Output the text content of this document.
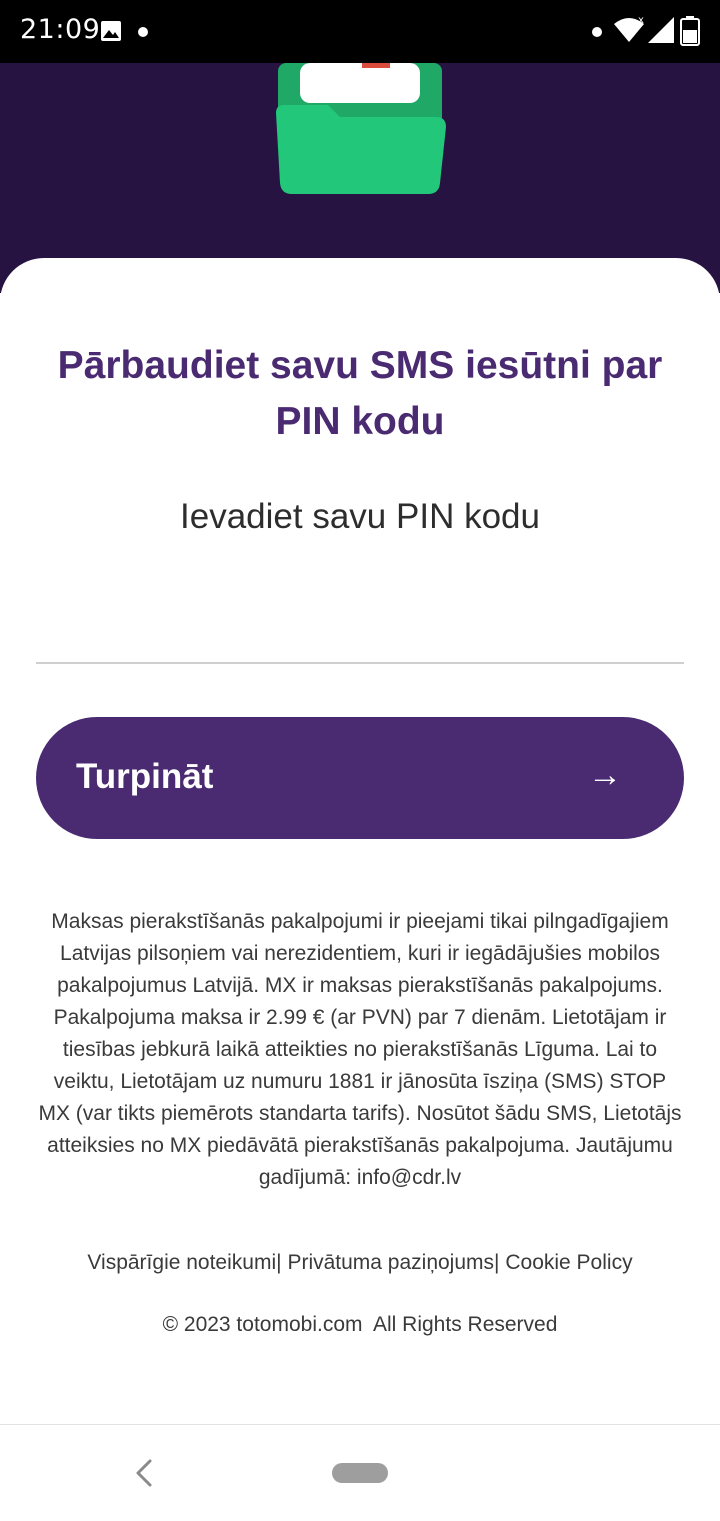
21:09	x
Pārbaudiet savu SMS iesūtni par PIN kodu
Ievadiet savu PIN kodu
Turpināt	→
Maksas pierakstīšanās pakalpojumi ir pieejami tikai pilngadīgajiem Latvijas pilsoņiem vai nerezidentiem, kuri ir iegādājušies mobilos pakalpojumus Latvijā. MX ir maksas pierakstīšanās pakalpojums. Pakalpojuma maksa ir 2.99 € (ar PVN) par 7 dienām. Lietotājam ir tiesības jebkurā laikā atteikties no pierakstīšanās Līguma. Lai to veiktu, Lietotājam uz numuru 1881 ir jānosūta īsziņa (SMS) STOP MX (var tikts piemērots standarta tarifs). Nosūtot šādu SMS, Lietotājs atteiksies no MX piedāvātā pierakstīšanās pakalpojuma. Jautājumu gadījumā: info@cdr.lv
Vispārīgie noteikumi| Privātuma paziņojums| Cookie Policy
© 2023 totomobi.com  All Rights Reserved
